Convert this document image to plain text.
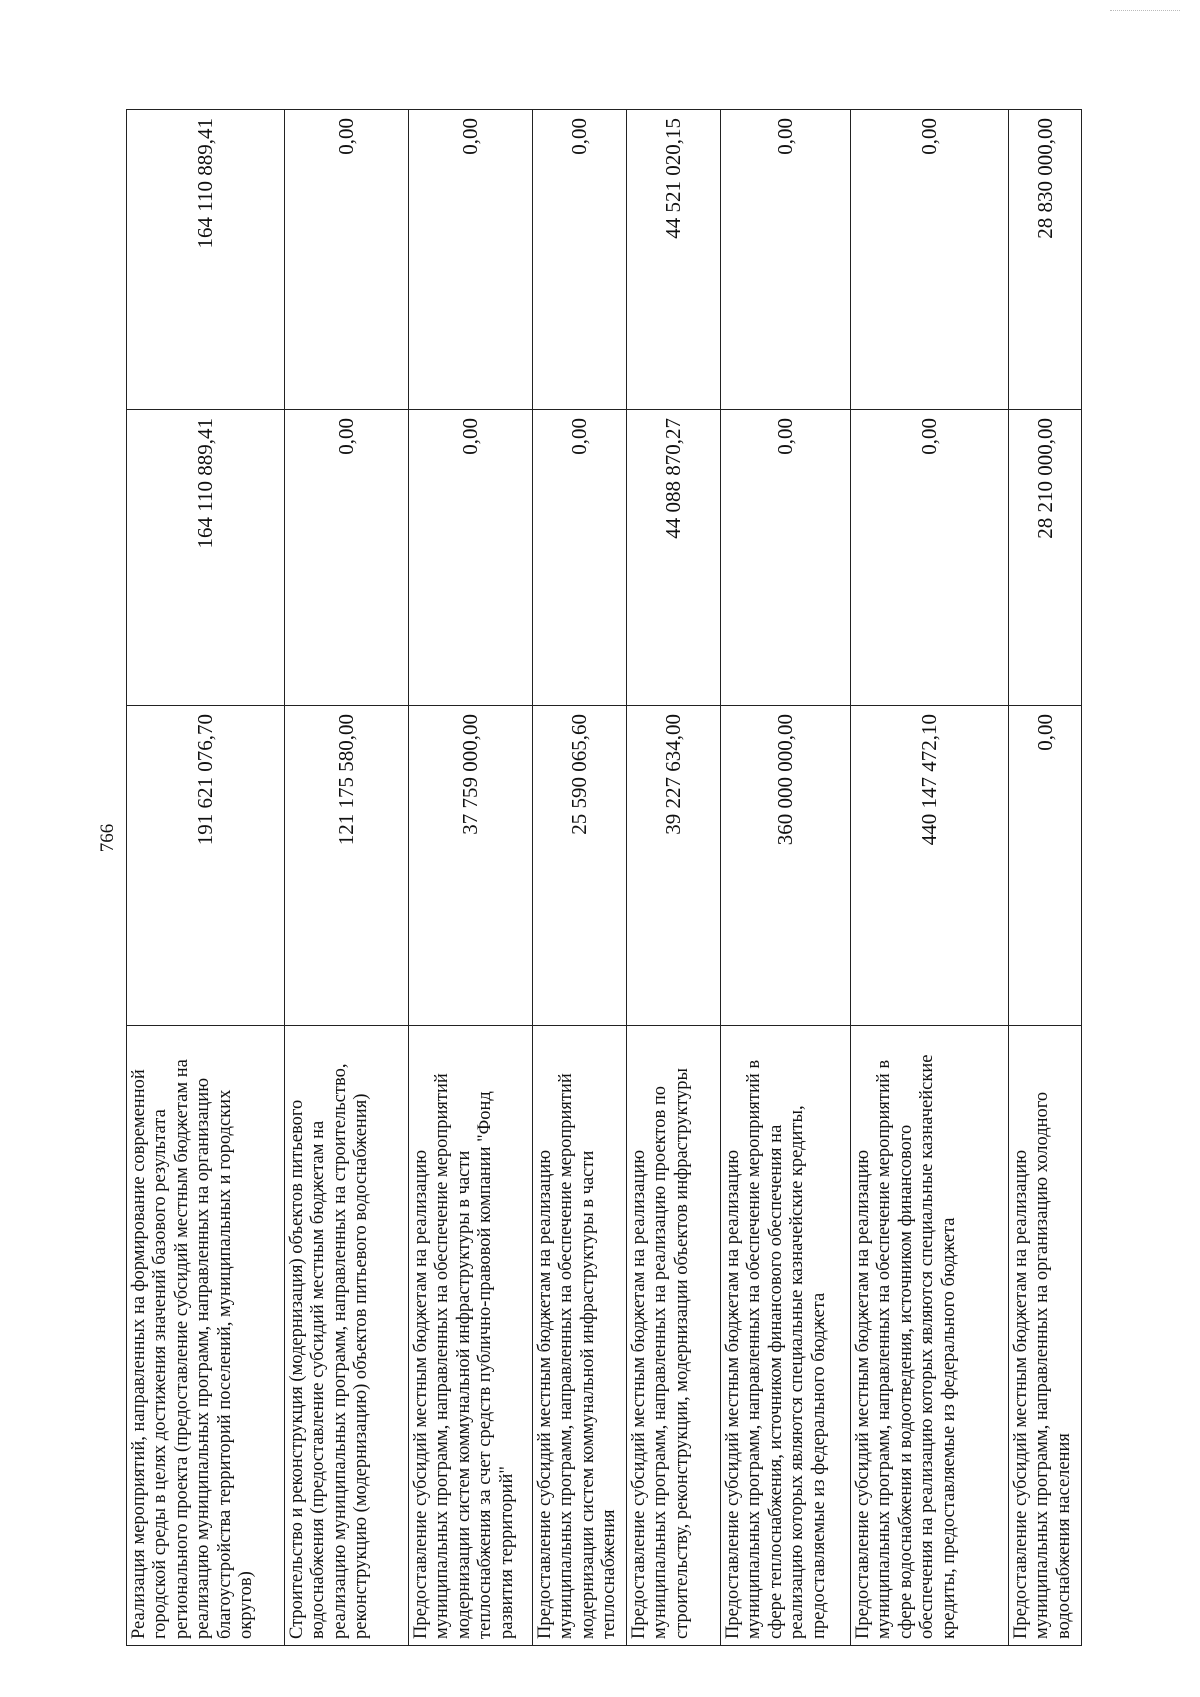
766
Реализация мероприятий, направленных на формирование современной городской среды в целях достижения значений базового результата регионального проекта (предоставление субсидий местным бюджетам на реализацию муниципальных программ, направленных на организацию благоустройства территорий поселений, муниципальных и городских округов)	191 621 076,70	164 110 889,41	164 110 889,41
Строительство и реконструкция (модернизация) объектов питьевого водоснабжения (предоставление субсидий местным бюджетам на реализацию муниципальных программ, направленных на строительство, реконструкцию (модернизацию) объектов питьевого водоснабжения)	121 175 580,00	0,00	0,00
Предоставление субсидий местным бюджетам на реализацию муниципальных программ, направленных на обеспечение мероприятий модернизации систем коммунальной инфраструктуры в части теплоснабжения за счет средств публично-правовой компании "Фонд развития территорий"	37 759 000,00	0,00	0,00
Предоставление субсидий местным бюджетам на реализацию муниципальных программ, направленных на обеспечение мероприятий модернизации систем коммунальной инфраструктуры в части теплоснабжения	25 590 065,60	0,00	0,00
Предоставление субсидий местным бюджетам на реализацию муниципальных программ, направленных на реализацию проектов по строительству, реконструкции, модернизации объектов инфраструктуры	39 227 634,00	44 088 870,27	44 521 020,15
Предоставление субсидий местным бюджетам на реализацию муниципальных программ, направленных на обеспечение мероприятий в сфере теплоснабжения, источником финансового обеспечения на реализацию которых являются специальные казначейские кредиты, предоставляемые из федерального бюджета	360 000 000,00	0,00	0,00
Предоставление субсидий местным бюджетам на реализацию муниципальных программ, направленных на обеспечение мероприятий в сфере водоснабжения и водоотведения, источником финансового обеспечения на реализацию которых являются специальные казначейские кредиты, предоставляемые из федерального бюджета	440 147 472,10	0,00	0,00
Предоставление субсидий местным бюджетам на реализацию муниципальных программ, направленных на организацию холодного водоснабжения населения	0,00	28 210 000,00	28 830 000,00
